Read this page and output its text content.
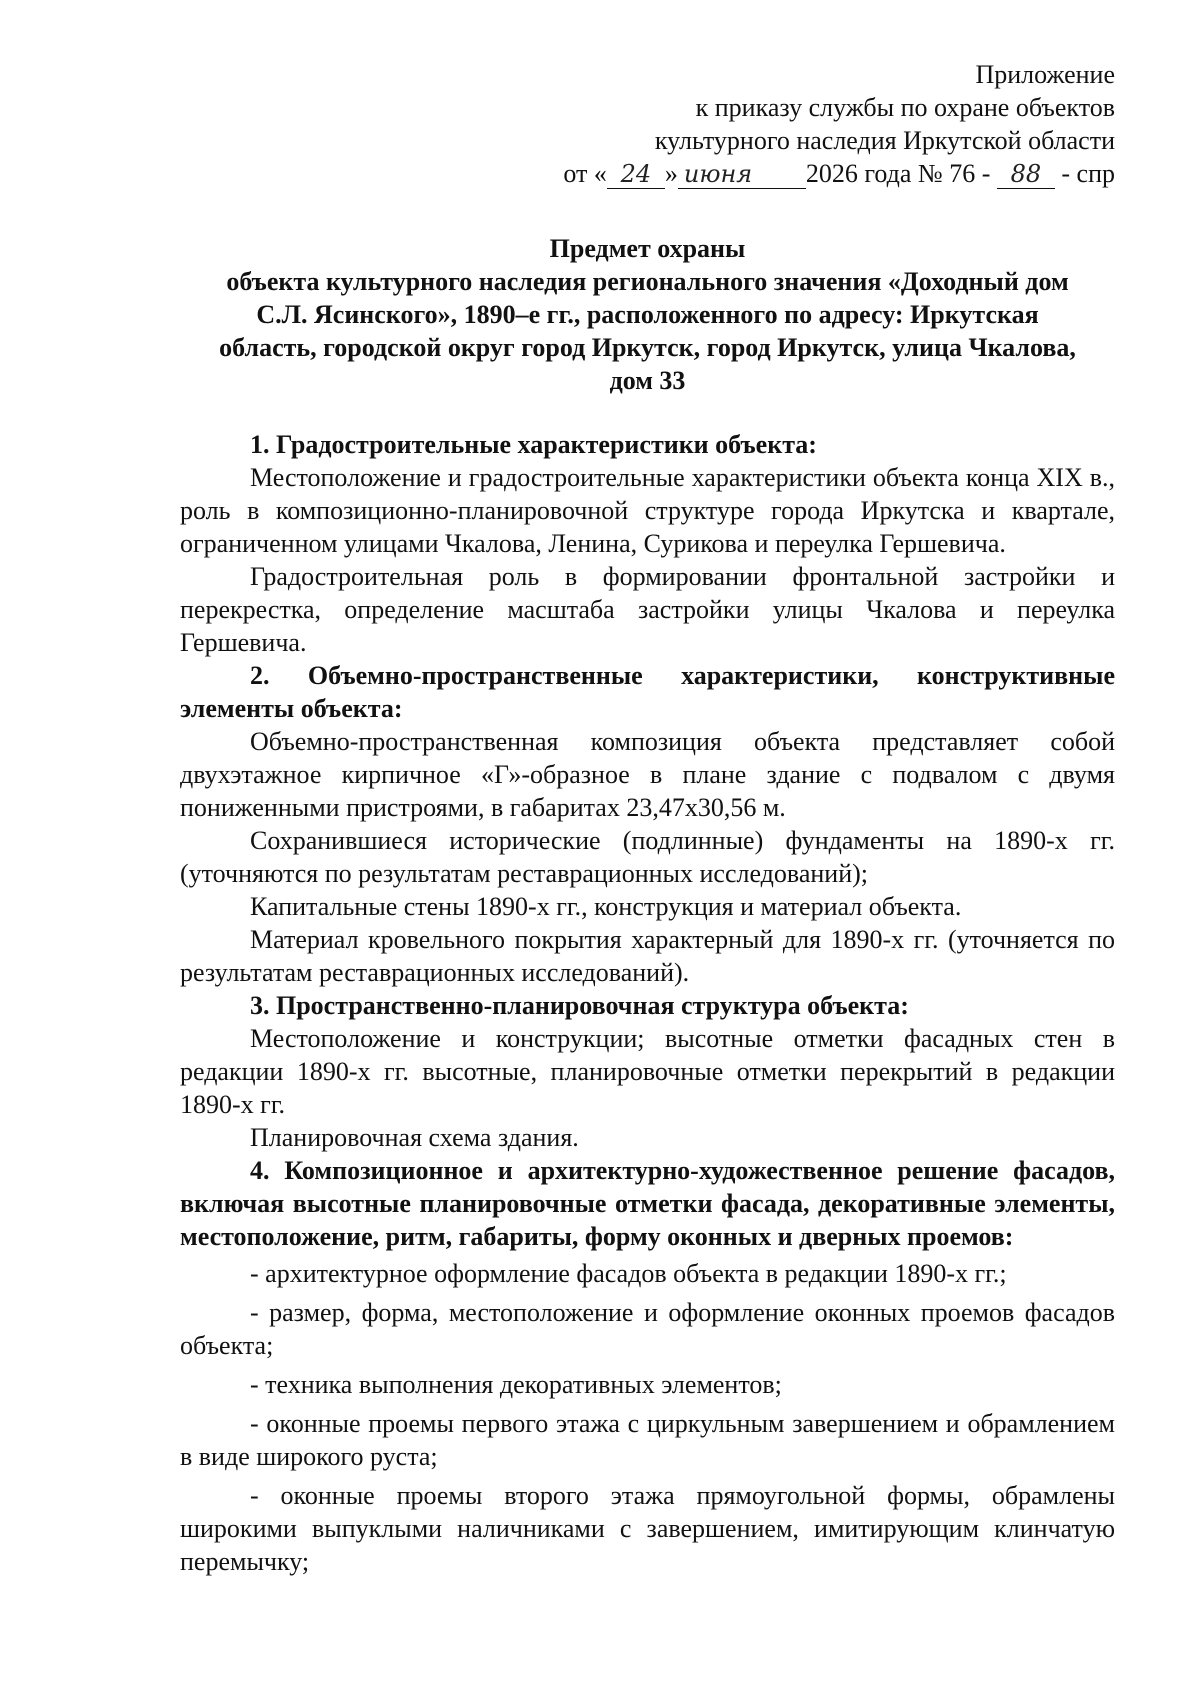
Приложение
к приказу службы по охране объектов
культурного наследия Иркутской области
от « 24 » июня 2026 года № 76 - 88 - спр
Предмет охраны
объекта культурного наследия регионального значения «Доходный дом
С.Л. Ясинского», 1890–е гг., расположенного по адресу: Иркутская
область, городской округ город Иркутск, город Иркутск, улица Чкалова,
дом 33

1. Градостроительные характеристики объекта:

Местоположение и градостроительные характеристики объекта конца XIX в., роль в композиционно-планировочной структуре города Иркутска и квартале, ограниченном улицами Чкалова, Ленина, Сурикова и переулка Гершевича.

Градостроительная роль в формировании фронтальной застройки и перекрестка, определение масштаба застройки улицы Чкалова и переулка Гершевича.

2. Объемно-пространственные характеристики, конструктивные элементы объекта:

Объемно-пространственная композиция объекта представляет собой двухэтажное кирпичное «Г»-образное в плане здание с подвалом с двумя пониженными пристроями, в габаритах 23,47х30,56 м.

Сохранившиеся исторические (подлинные) фундаменты на 1890-х гг. (уточняются по результатам реставрационных исследований);

Капитальные стены 1890-х гг., конструкция и материал объекта.

Материал кровельного покрытия характерный для 1890-х гг. (уточняется по результатам реставрационных исследований).

3. Пространственно-планировочная структура объекта:

Местоположение и конструкции; высотные отметки фасадных стен в редакции 1890-х гг. высотные, планировочные отметки перекрытий в редакции 1890-х гг.

Планировочная схема здания.

4. Композиционное и архитектурно-художественное решение фасадов, включая высотные планировочные отметки фасада, декоративные элементы, местоположение, ритм, габариты, форму оконных и дверных проемов:

- архитектурное оформление фасадов объекта в редакции 1890-х гг.;

- размер, форма, местоположение и оформление оконных проемов фасадов объекта;

- техника выполнения декоративных элементов;

- оконные проемы первого этажа с циркульным завершением и обрамлением в виде широкого руста;

- оконные проемы второго этажа прямоугольной формы, обрамлены широкими выпуклыми наличниками с завершением, имитирующим клинчатую перемычку;
